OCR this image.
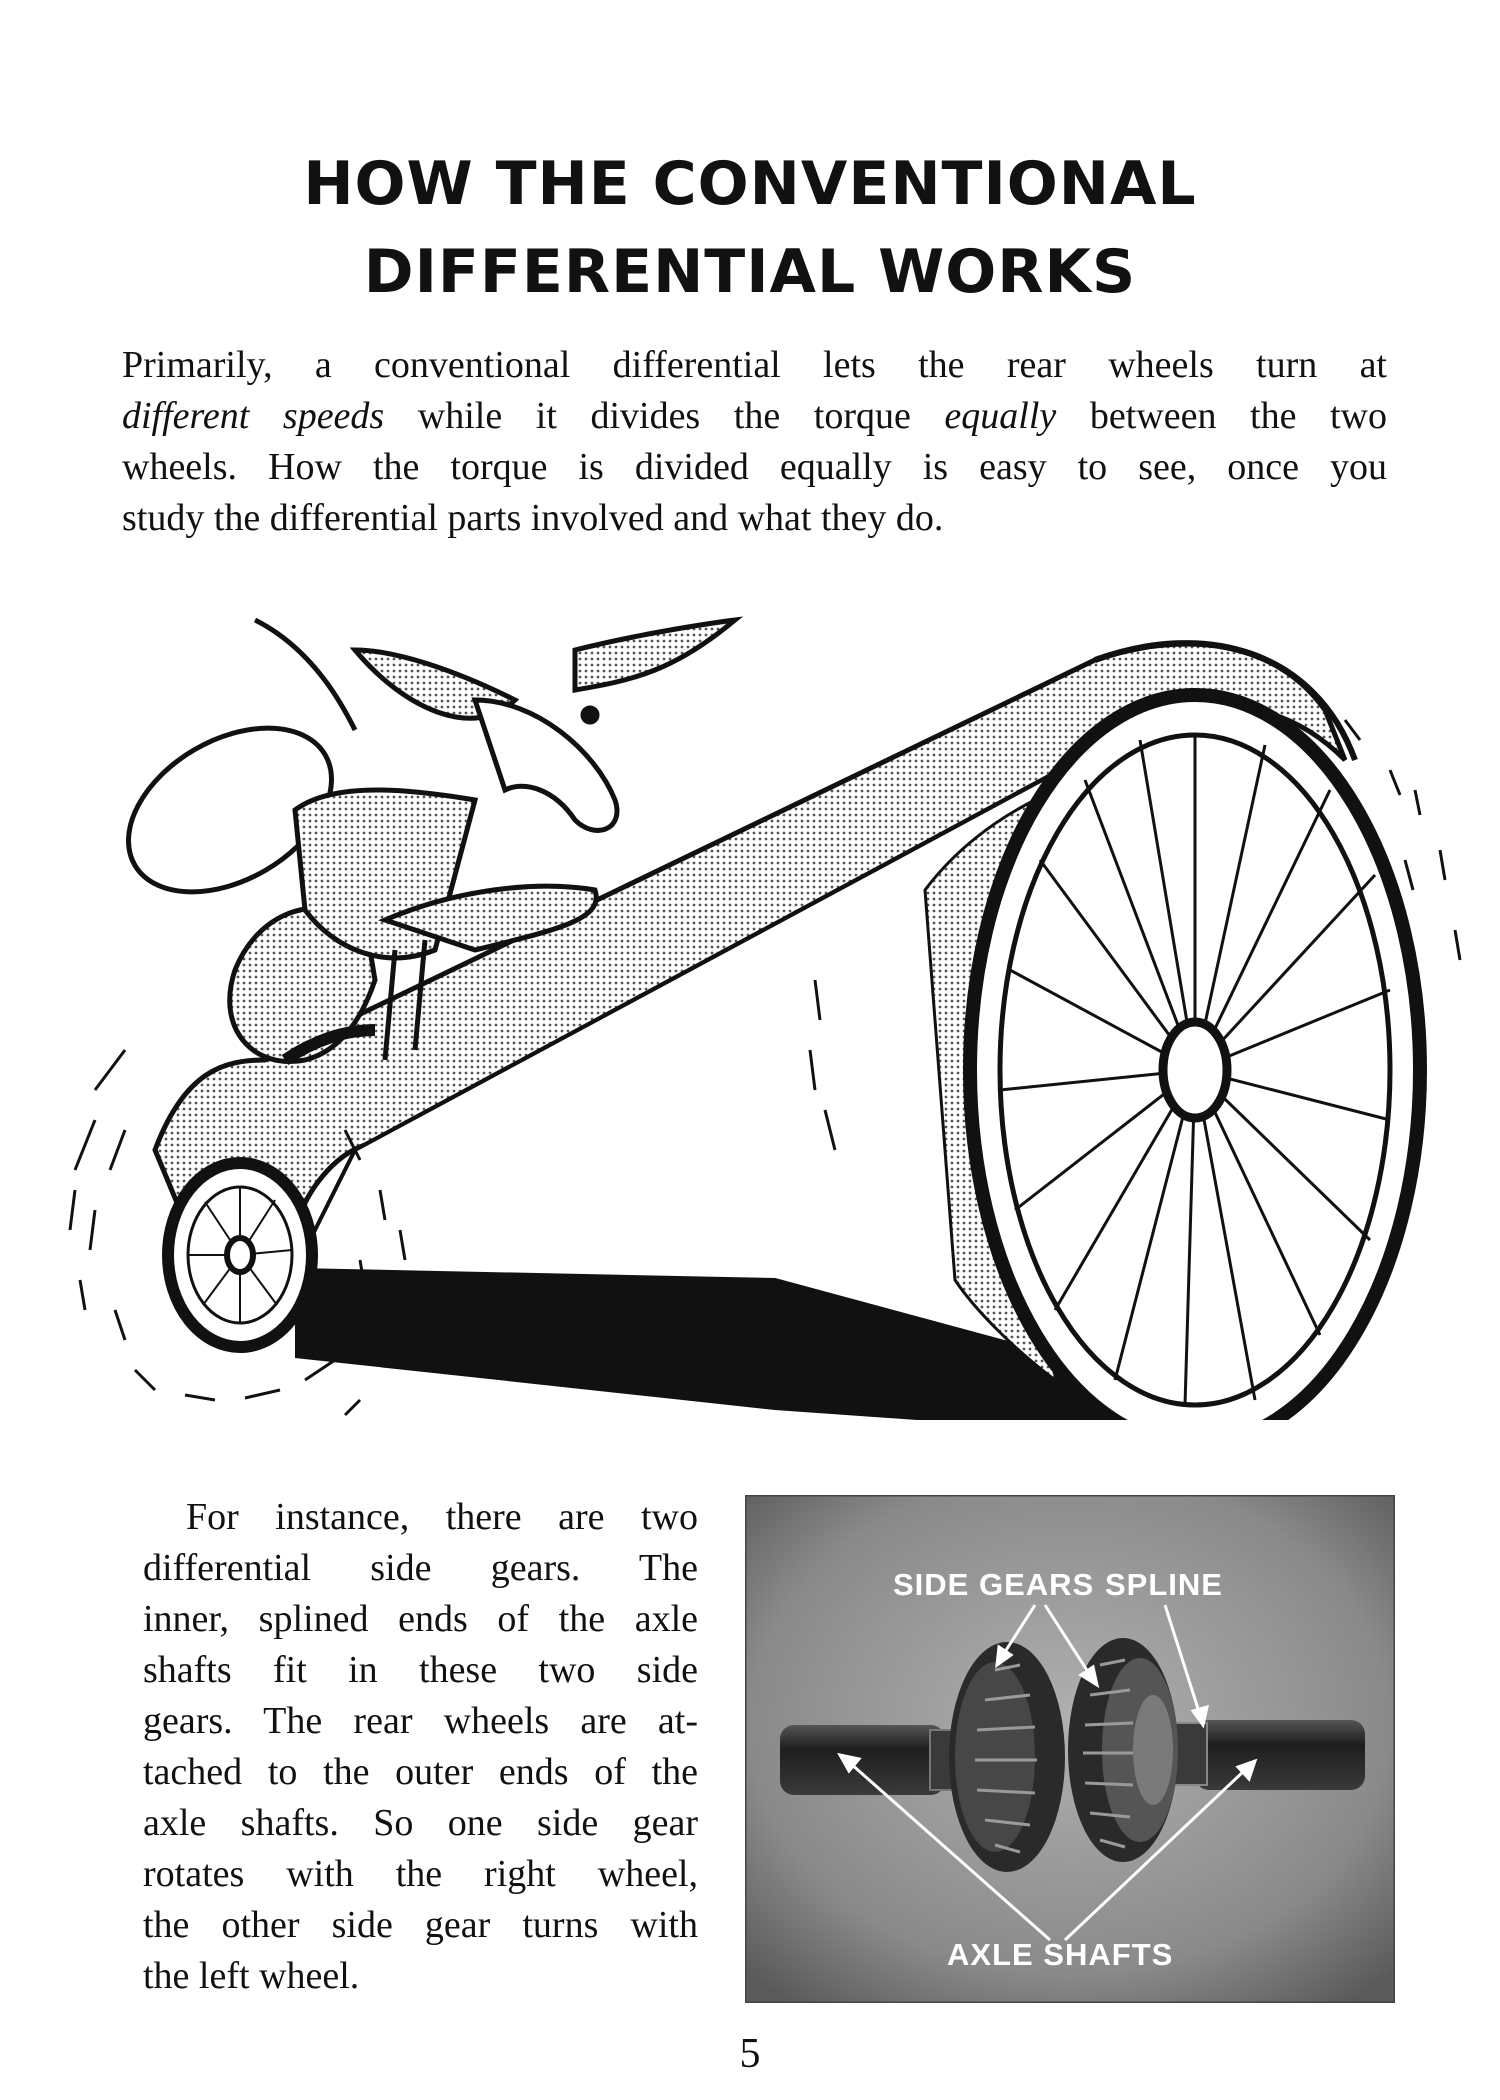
HOW THE CONVENTIONAL
DIFFERENTIAL WORKS
Primarily, a conventional differential lets the rear wheels turn at
different speeds while it divides the torque equally between the two
wheels. How the torque is divided equally is easy to see, once you
study the differential parts involved and what they do.
For instance, there are two
differential side gears. The
inner, splined ends of the axle
shafts fit in these two side
gears. The rear wheels are at-
tached to the outer ends of the
axle shafts. So one side gear
rotates with the right wheel,
the other side gear turns with
the left wheel.
SIDE GEARS SPLINE
AXLE SHAFTS
5
